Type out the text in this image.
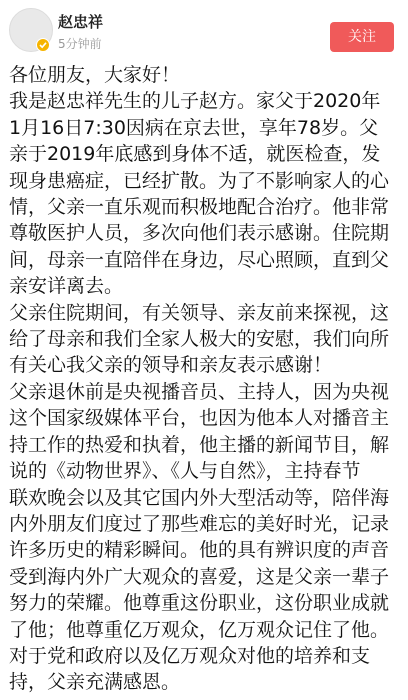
赵忠祥
5分钟前	关注

各位朋友，大家好！

我是赵忠祥先生的儿子赵方。家父于2020年

1月16日7:30因病在京去世，享年78岁。父

亲于2019年底感到身体不适，就医检查，发

现身患癌症，已经扩散。为了不影响家人的心

情，父亲一直乐观而积极地配合治疗。他非常

尊敬医护人员，多次向他们表示感谢。住院期

间，母亲一直陪伴在身边，尽心照顾，直到父

亲安详离去。

父亲住院期间，有关领导、亲友前来探视，这

给了母亲和我们全家人极大的安慰，我们向所

有关心我父亲的领导和亲友表示感谢！

父亲退休前是央视播音员、主持人，因为央视

这个国家级媒体平台，也因为他本人对播音主

持工作的热爱和执着，他主播的新闻节目，解

说的《动物世界》、《人与自然》，主持春节

联欢晚会以及其它国内外大型活动等，陪伴海

内外朋友们度过了那些难忘的美好时光，记录

许多历史的精彩瞬间。他的具有辨识度的声音

受到海内外广大观众的喜爱，这是父亲一辈子

努力的荣耀。他尊重这份职业，这份职业成就

了他；他尊重亿万观众，亿万观众记住了他。

对于党和政府以及亿万观众对他的培养和支

持，父亲充满感恩。
